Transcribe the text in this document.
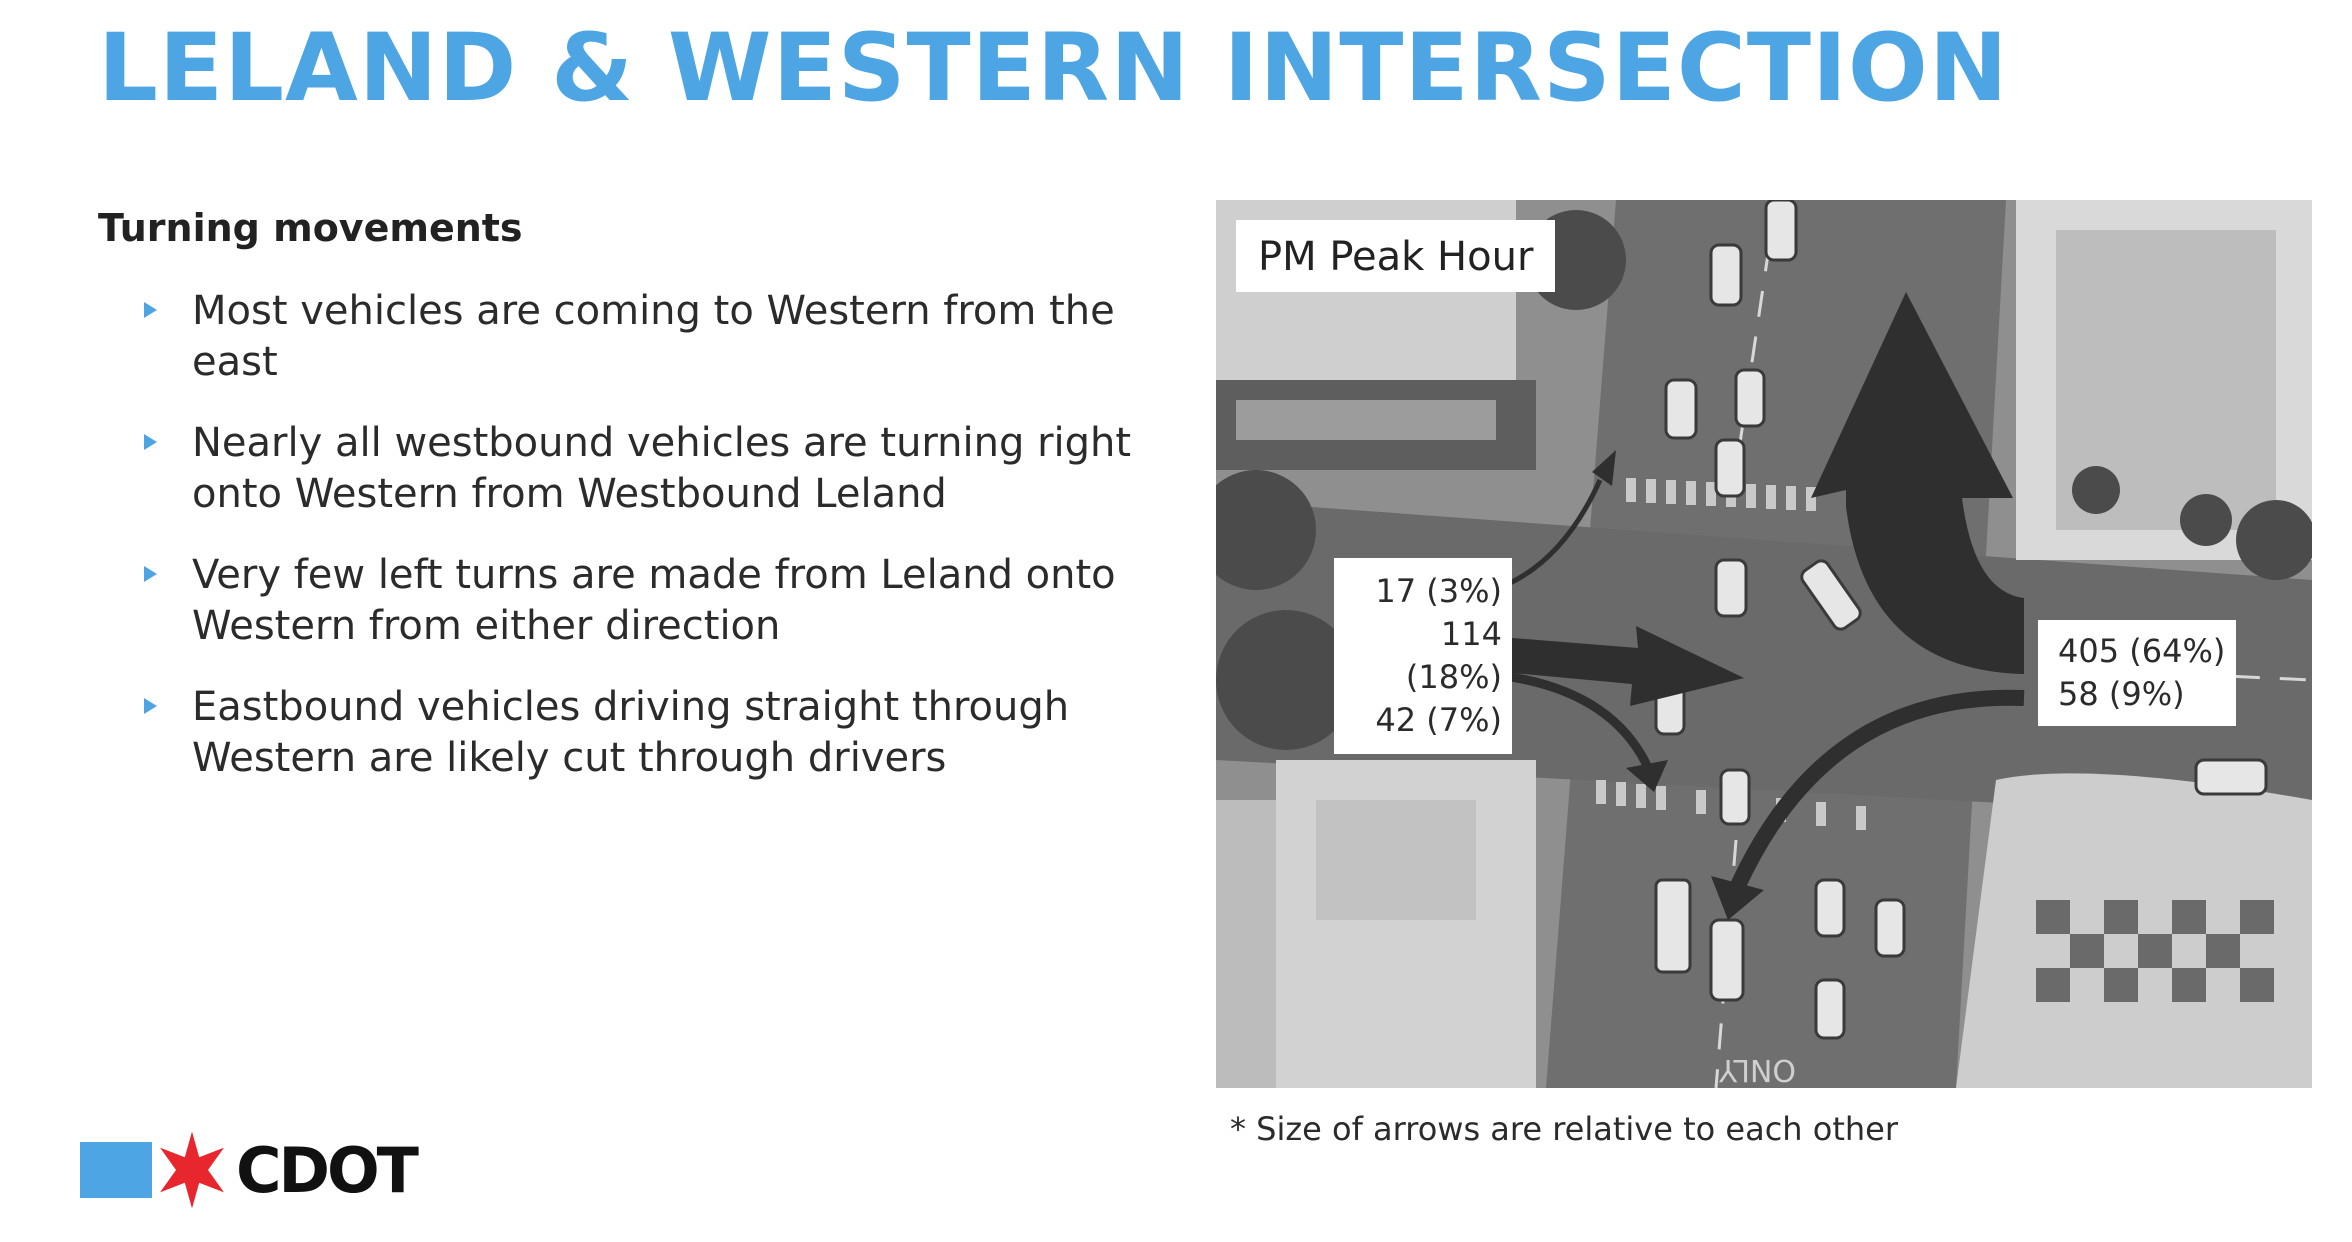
LELAND & WESTERN INTERSECTION
Turning movements
Most vehicles are coming to Western from the east
Nearly all westbound vehicles are turning right onto Western from Westbound Leland
Very few left turns are made from Leland onto Western from either direction
Eastbound vehicles driving straight through Western are likely cut through drivers
ONLY
PM Peak Hour
17 (3%)
114 (18%)
42 (7%)
405 (64%)
58 (9%)
* Size of arrows are relative to each other
CDOT
